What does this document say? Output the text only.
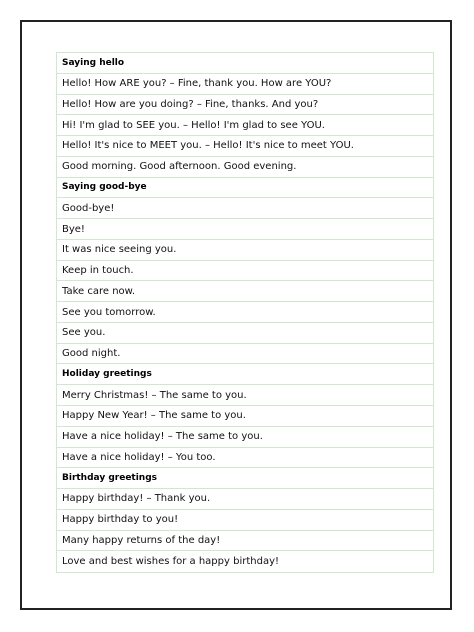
Saying hello
Hello! How ARE you? – Fine, thank you. How are YOU?
Hello! How are you doing? – Fine, thanks. And you?
Hi! I'm glad to SEE you. – Hello! I'm glad to see YOU.
Hello! It's nice to MEET you. – Hello! It's nice to meet YOU.
Good morning. Good afternoon. Good evening.
Saying good-bye
Good-bye!
Bye!
It was nice seeing you.
Keep in touch.
Take care now.
See you tomorrow.
See you.
Good night.
Holiday greetings
Merry Christmas! – The same to you.
Happy New Year! – The same to you.
Have a nice holiday! – The same to you.
Have a nice holiday! – You too.
Birthday greetings
Happy birthday! – Thank you.
Happy birthday to you!
Many happy returns of the day!
Love and best wishes for a happy birthday!
